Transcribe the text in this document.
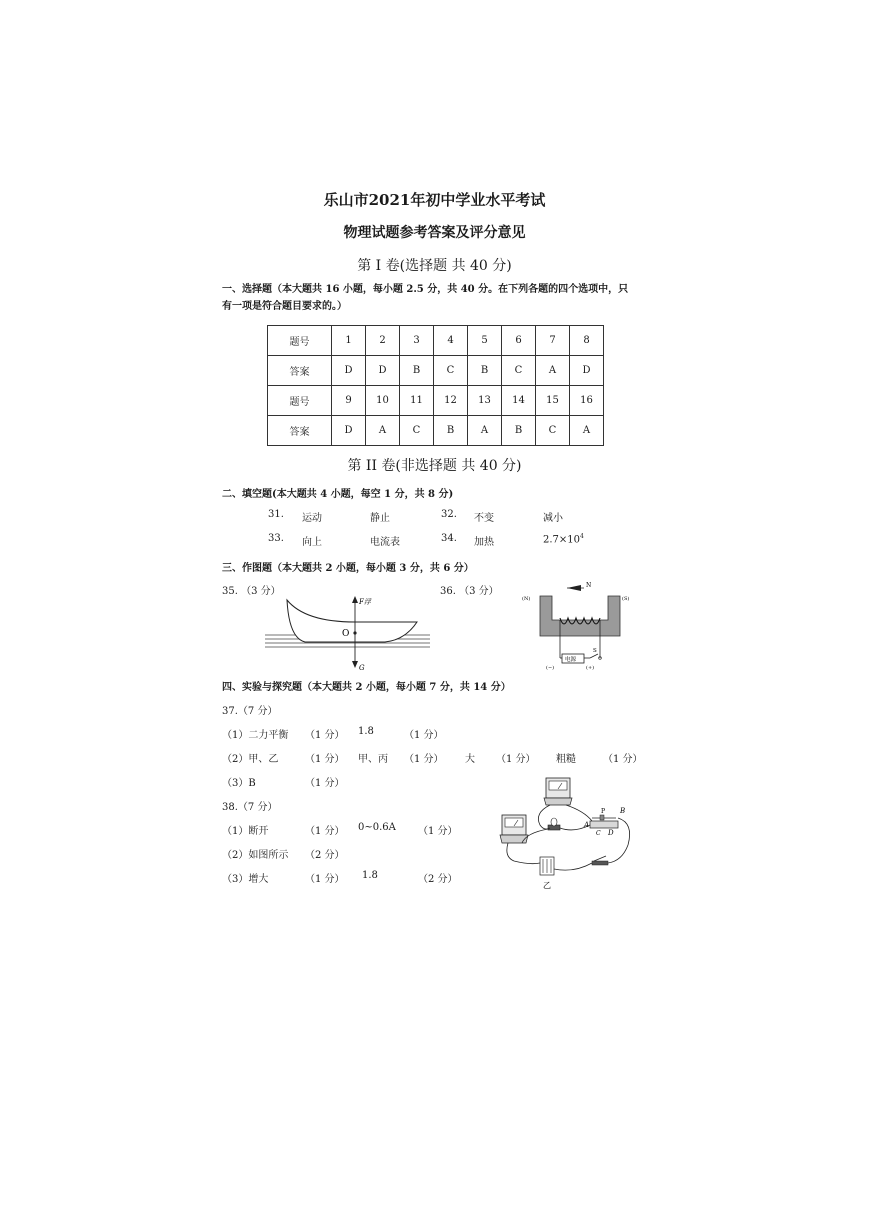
乐山市2021年初中学业水平考试
物理试题参考答案及评分意见
第 I 卷(选择题 共 40 分)
一、选择题（本大题共 16 小题，每小题 2.5 分，共 40 分。在下列各题的四个选项中，只
有一项是符合题目要求的。）
题号	1	2	3	4	5	6	7	8
答案	D	D	B	C	B	C	A	D
题号	9	10	11	12	13	14	15	16
答案	D	A	C	B	A	B	C	A
第 II 卷(非选择题 共 40 分)
二、填空题(本大题共 4 小题，每空 1 分，共 8 分)
31. 运动	静止	32. 不变	减小
33. 向上	电流表	34. 加热	$2.7\times 10^4$
三、作图题（本大题共 2 小题，每小题 3 分，共 6 分）
35. （3 分）	36. （3 分）
F浮
O
G
N
(N)	(S)
电源
S
(−)	(+)
四、实验与探究题（本大题共 2 小题，每小题 7 分，共 14 分）
37.（7 分）
（1）二力平衡 （1 分） 1.8	（1 分）
（2）甲、乙	（1 分） 甲、丙 （1 分） 大 （1 分） 粗糙	（1 分）
（3）B	（1 分）
38.（7 分）
（1）断开	（1 分） 0~0.6A （1 分）
（2）如图所示 （2 分）
（3）增大	（1 分） 1.8	（2 分）
P
A
B
C D
乙
